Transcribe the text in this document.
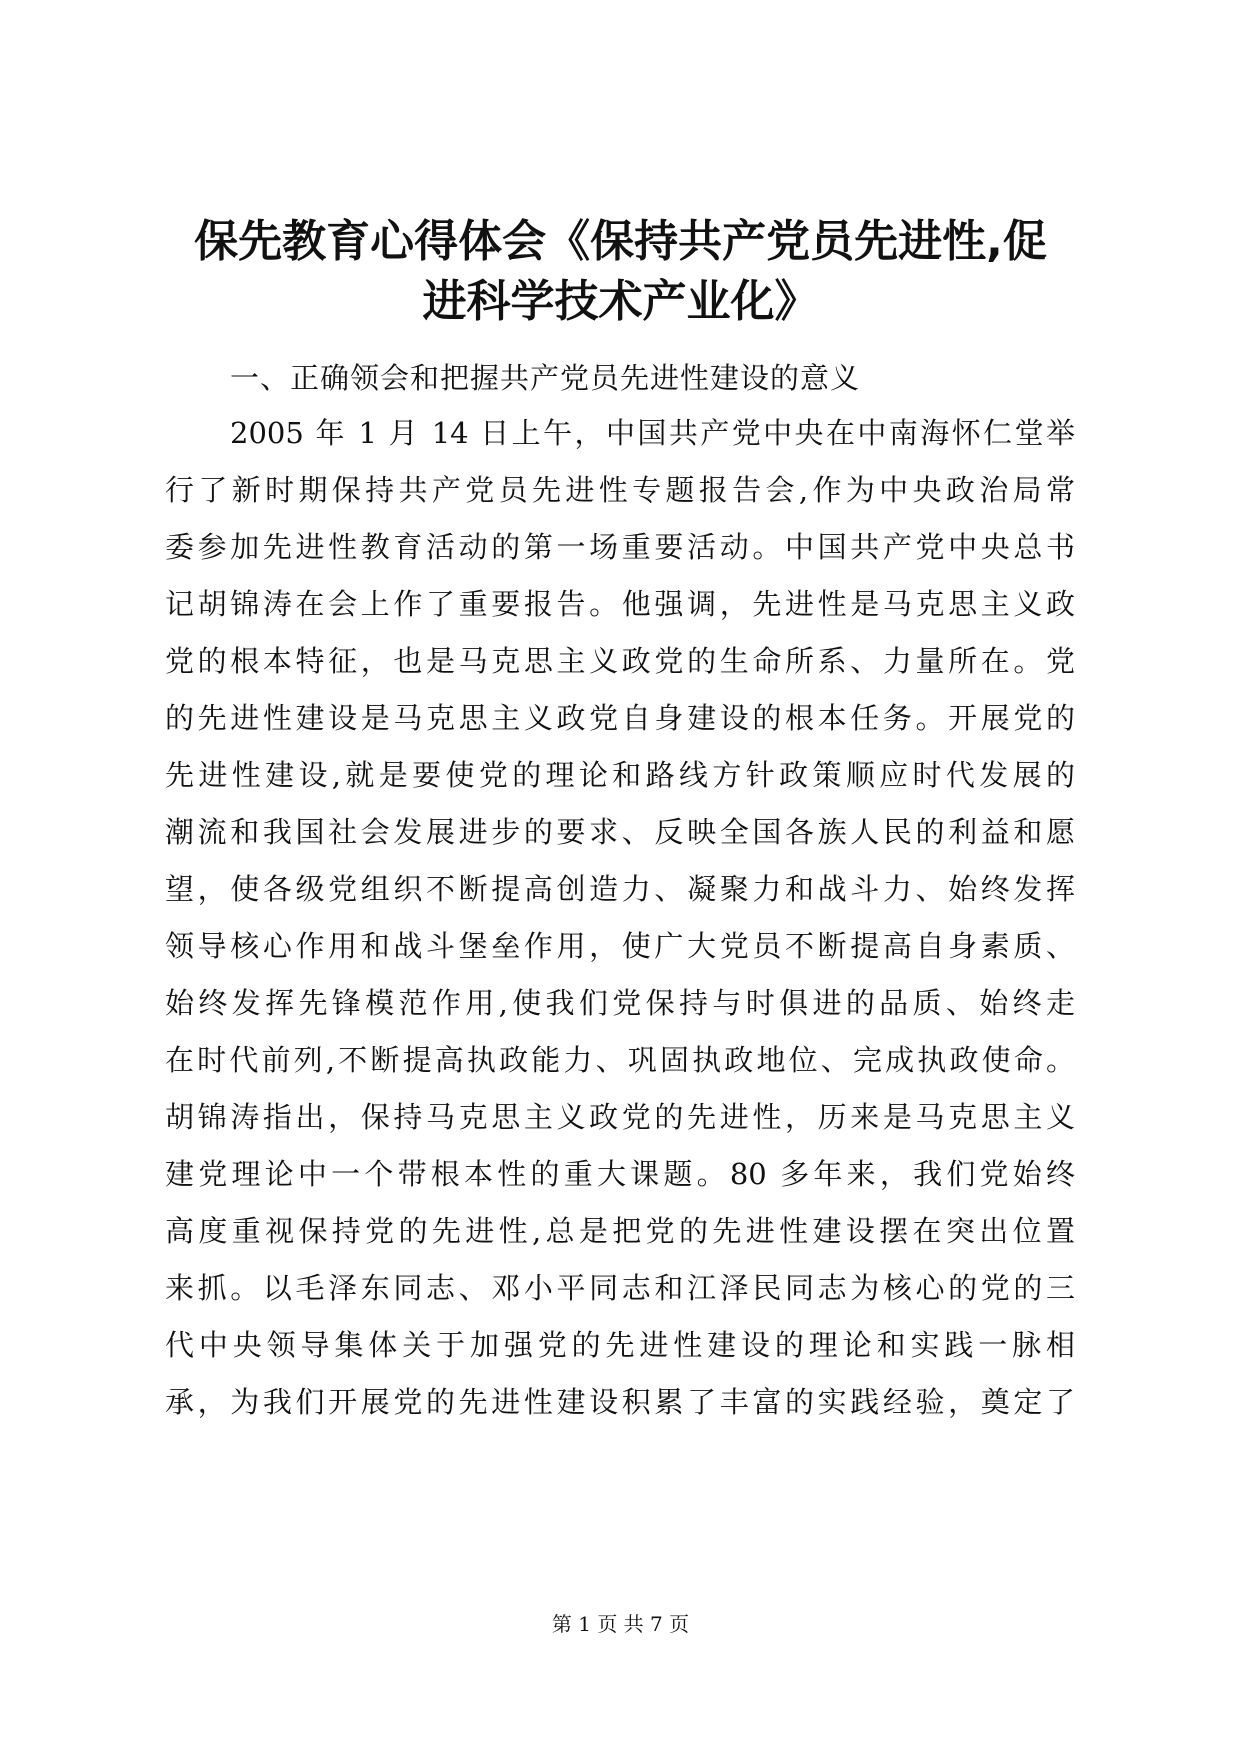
保先教育心得体会《保持共产党员先进性,促
进科学技术产业化》

一、正确领会和把握共产党员先进性建设的意义

2005 年 1 月 14 日上午，中国共产党中央在中南海怀仁堂举

行了新时期保持共产党员先进性专题报告会,作为中央政治局常

委参加先进性教育活动的第一场重要活动。中国共产党中央总书

记胡锦涛在会上作了重要报告。他强调，先进性是马克思主义政

党的根本特征，也是马克思主义政党的生命所系、力量所在。党

的先进性建设是马克思主义政党自身建设的根本任务。开展党的

先进性建设,就是要使党的理论和路线方针政策顺应时代发展的

潮流和我国社会发展进步的要求、反映全国各族人民的利益和愿

望，使各级党组织不断提高创造力、凝聚力和战斗力、始终发挥

领导核心作用和战斗堡垒作用，使广大党员不断提高自身素质、

始终发挥先锋模范作用,使我们党保持与时俱进的品质、始终走

在时代前列,不断提高执政能力、巩固执政地位、完成执政使命。

胡锦涛指出，保持马克思主义政党的先进性，历来是马克思主义

建党理论中一个带根本性的重大课题。80 多年来，我们党始终

高度重视保持党的先进性,总是把党的先进性建设摆在突出位置

来抓。以毛泽东同志、邓小平同志和江泽民同志为核心的党的三

代中央领导集体关于加强党的先进性建设的理论和实践一脉相

承，为我们开展党的先进性建设积累了丰富的实践经验，奠定了

第 1 页 共 7 页
